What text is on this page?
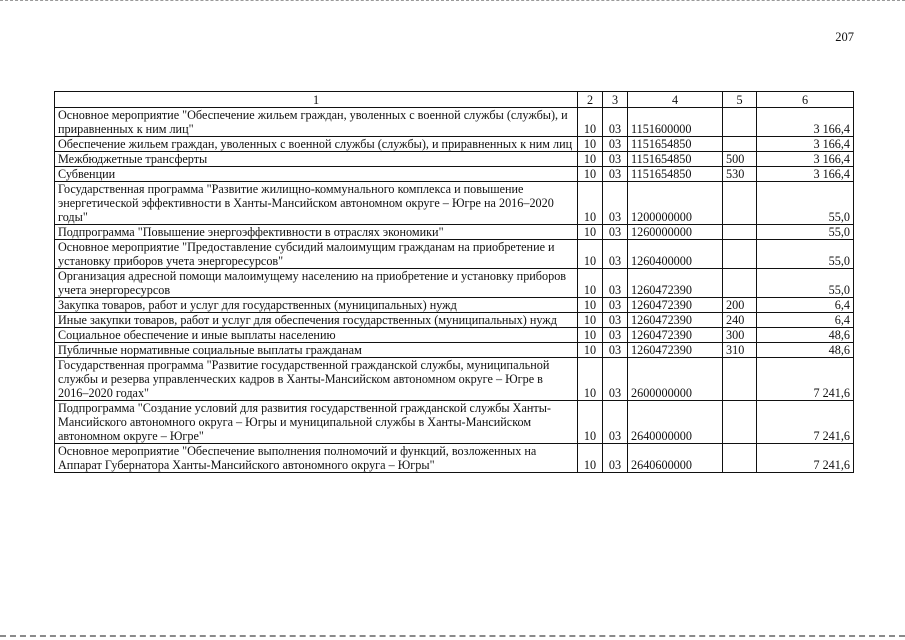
207
1	2	3	4	5	6
Основное мероприятие "Обеспечение жильем граждан, уволенных с военной службы (службы), и приравненных к ним лиц"	10	03	1151600000		3 166,4
Обеспечение жильем граждан, уволенных с военной службы (службы), и приравненных к ним лиц	10	03	1151654850		3 166,4
Межбюджетные трансферты	10	03	1151654850	500	3 166,4
Субвенции	10	03	1151654850	530	3 166,4
Государственная программа "Развитие жилищно-коммунального комплекса и повышение энергетической эффективности в Ханты-Мансийском автономном округе – Югре на 2016–2020 годы"	10	03	1200000000		55,0
Подпрограмма "Повышение энергоэффективности в отраслях экономики"	10	03	1260000000		55,0
Основное мероприятие "Предоставление субсидий малоимущим гражданам на приобретение и установку приборов учета энергоресурсов"	10	03	1260400000		55,0
Организация адресной помощи малоимущему населению на приобретение и установку приборов учета энергоресурсов	10	03	1260472390		55,0
Закупка товаров, работ и услуг для государственных (муниципальных) нужд	10	03	1260472390	200	6,4
Иные закупки товаров, работ и услуг для обеспечения государственных (муниципальных) нужд	10	03	1260472390	240	6,4
Социальное обеспечение и иные выплаты населению	10	03	1260472390	300	48,6
Публичные нормативные социальные выплаты гражданам	10	03	1260472390	310	48,6
Государственная программа "Развитие государственной гражданской службы, муниципальной службы и резерва управленческих кадров в Ханты-Мансийском автономном округе – Югре в 2016–2020 годах"	10	03	2600000000		7 241,6
Подпрограмма "Создание условий для развития государственной гражданской службы Ханты-Мансийского автономного округа – Югры и муниципальной службы в Ханты-Мансийском автономном округе – Югре"	10	03	2640000000		7 241,6
Основное мероприятие "Обеспечение выполнения полномочий и функций, возложенных на Аппарат Губернатора Ханты-Мансийского автономного округа – Югры"	10	03	2640600000		7 241,6
